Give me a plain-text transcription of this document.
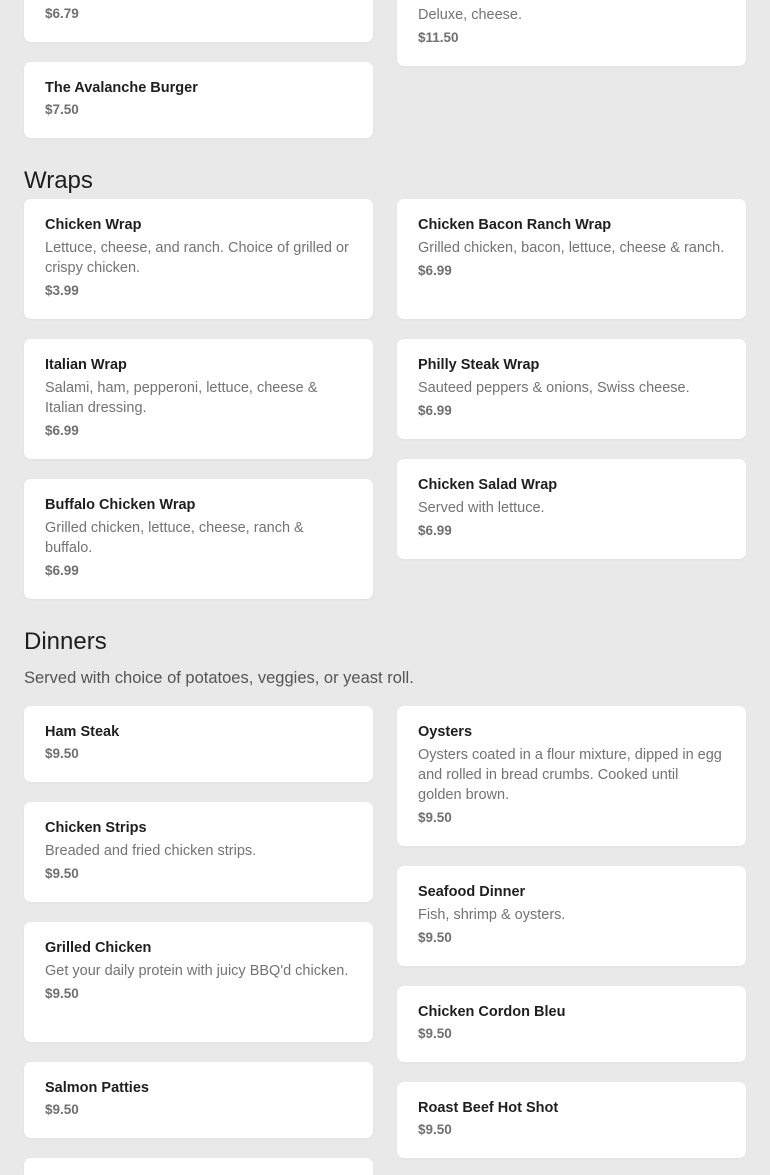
$6.79	Deluxe, cheese.
$11.50
The Avalanche Burger
$7.50
Wraps
Chicken Wrap
Lettuce, cheese, and ranch. Choice of grilled or crispy chicken.
$3.99
Chicken Bacon Ranch Wrap
Grilled chicken, bacon, lettuce, cheese & ranch.
$6.99
Italian Wrap
Salami, ham, pepperoni, lettuce, cheese & Italian dressing.
$6.99
Philly Steak Wrap
Sauteed peppers & onions, Swiss cheese.
$6.99
Buffalo Chicken Wrap
Grilled chicken, lettuce, cheese, ranch & buffalo.
$6.99
Chicken Salad Wrap
Served with lettuce.
$6.99
Dinners
Served with choice of potatoes, veggies, or yeast roll.
Ham Steak
$9.50
Oysters
Oysters coated in a flour mixture, dipped in egg and rolled in bread crumbs. Cooked until golden brown.
$9.50
Chicken Strips
Breaded and fried chicken strips.
$9.50
Seafood Dinner
Fish, shrimp & oysters.
$9.50
Grilled Chicken
Get your daily protein with juicy BBQ'd chicken.
$9.50
Chicken Cordon Bleu
$9.50
Salmon Patties
$9.50	Roast Beef Hot Shot
$9.50
